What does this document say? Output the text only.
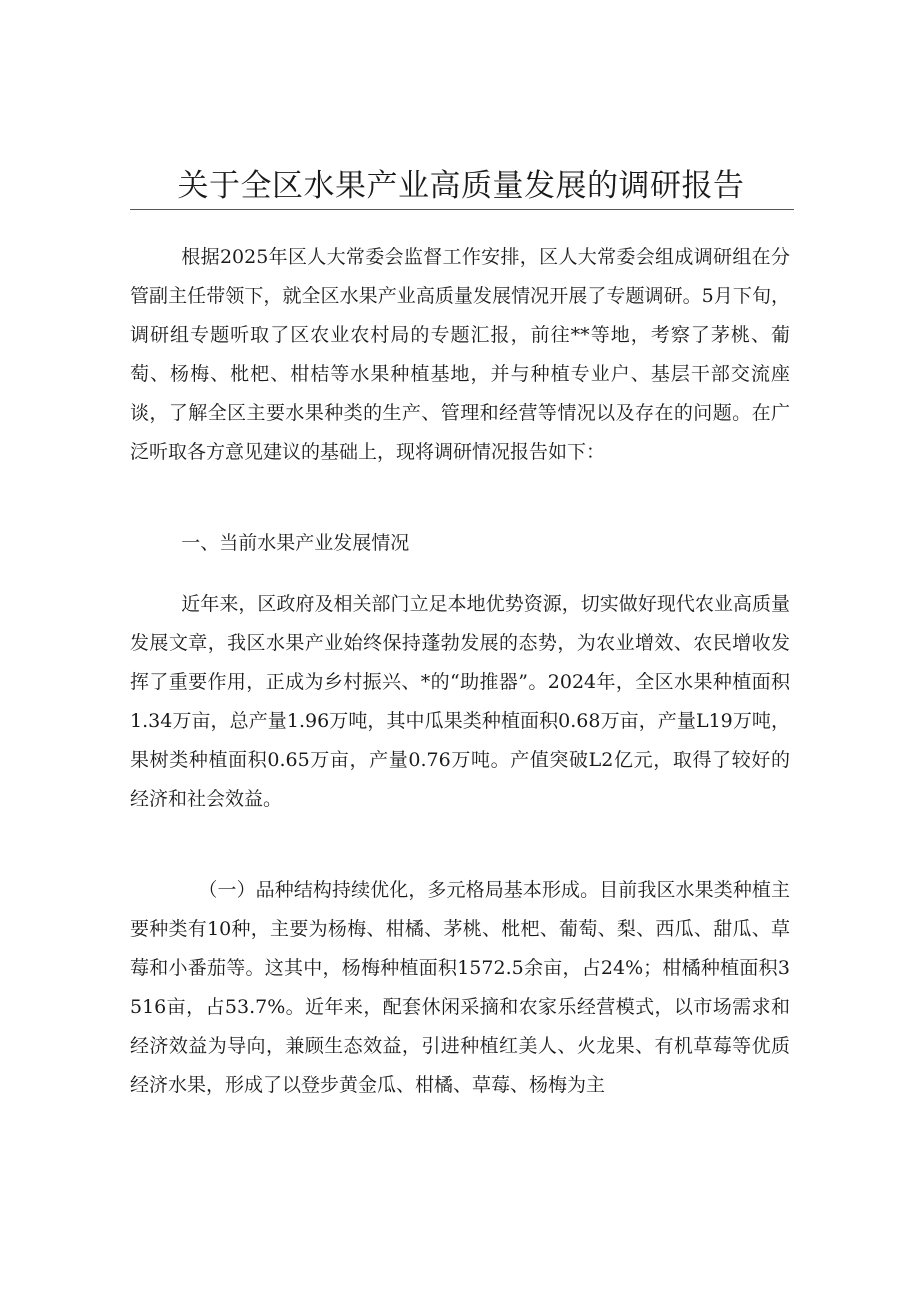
关于全区水果产业高质量发展的调研报告

根据2025年区人大常委会监督工作安排，区人大常委会组成调研组在分管副主任带领下，就全区水果产业高质量发展情况开展了专题调研。5月下旬，调研组专题听取了区农业农村局的专题汇报，前往**等地，考察了茅桃、葡萄、杨梅、枇杷、柑桔等水果种植基地，并与种植专业户、基层干部交流座谈，了解全区主要水果种类的生产、管理和经营等情况以及存在的问题。在广泛听取各方意见建议的基础上，现将调研情况报告如下：

一、当前水果产业发展情况

近年来，区政府及相关部门立足本地优势资源，切实做好现代农业高质量发展文章，我区水果产业始终保持蓬勃发展的态势，为农业增效、农民增收发挥了重要作用，正成为乡村振兴、*的“助推器”。2024年，全区水果种植面积1.34万亩，总产量1.96万吨，其中瓜果类种植面积0.68万亩，产量L19万吨，果树类种植面积0.65万亩，产量0.76万吨。产值突破L2亿元，取得了较好的经济和社会效益。

（一）品种结构持续优化，多元格局基本形成。目前我区水果类种植主要种类有10种，主要为杨梅、柑橘、茅桃、枇杷、葡萄、梨、西瓜、甜瓜、草莓和小番茄等。这其中，杨梅种植面积1572.5余亩，占24%；柑橘种植面积3516亩，占53.7%。近年来，配套休闲采摘和农家乐经营模式，以市场需求和经济效益为导向，兼顾生态效益，引进种植红美人、火龙果、有机草莓等优质经济水果，形成了以登步黄金瓜、柑橘、草莓、杨梅为主
